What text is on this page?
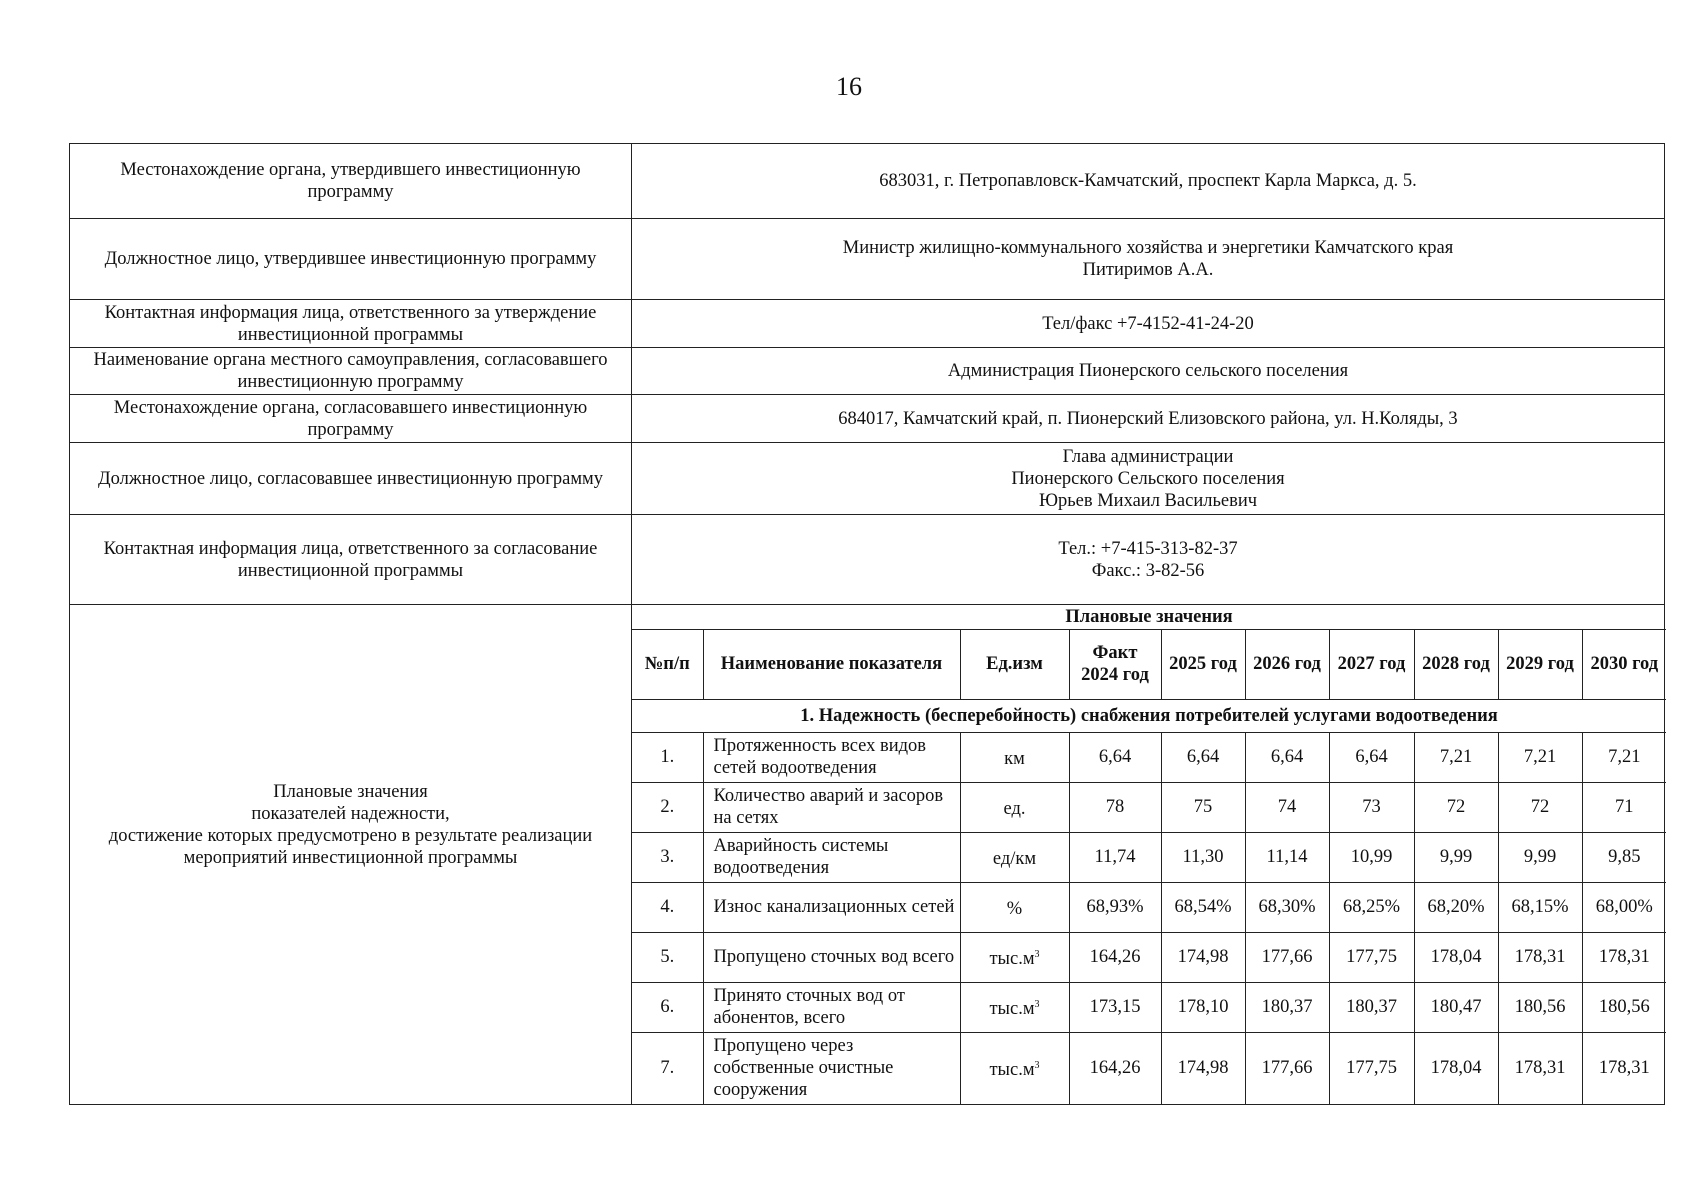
16
Местонахождение органа, утвердившего инвестиционную программу	
683031, г. Петропавловск-Камчатский, проспект Карла Маркса, д. 5.

Должностное лицо, утвердившее инвестиционную программу	
Министр жилищно-коммунального хозяйства и энергетики Камчатского края
Питиримов А.А.

Контактная информация лица, ответственного за утверждение инвестиционной программы	
Тел/факс +7-4152-41-24-20

Наименование органа местного самоуправления, согласовавшего инвестиционную программу	
Администрация Пионерского сельского поселения

Местонахождение органа, согласовавшего инвестиционную программу	
684017, Камчатский край, п. Пионерский Елизовского района, ул. Н.Коляды, 3

Должностное лицо, согласовавшее инвестиционную программу	
Глава администрации
Пионерского Сельского поселения
Юрьев Михаил Васильевич

Контактная информация лица, ответственного за согласование инвестиционной программы	
Тел.: +7-415-313-82-37
Факс.: 3-82-56

Плановые значения
показателей надежности,
достижение которых предусмотрено в результате реализации
мероприятий инвестиционной программы

Плановые значения
№п/п	Наименование показателя	Ед.изм	Факт 2024 год	2025 год	2026 год	2027 год	2028 год	2029 год	2030 год
1. Надежность (бесперебойность) снабжения потребителей услугами водоотведения
1.	Протяженность всех видов сетей водоотведения	км	6,64	6,64	6,64	6,64	7,21	7,21	7,21
2.	Количество аварий и засоров на сетях	ед.	78	75	74	73	72	72	71
3.	Аварийность системы водоотведения	ед/км	11,74	11,30	11,14	10,99	9,99	9,99	9,85
4.	Износ канализационных сетей	%	68,93%	68,54%	68,30%	68,25%	68,20%	68,15%	68,00%
5.	Пропущено сточных вод всего	$тыс.м^3$	164,26	174,98	177,66	177,75	178,04	178,31	178,31
6.	Принято сточных вод от абонентов, всего	$тыс.м^3$	173,15	178,10	180,37	180,37	180,47	180,56	180,56
7.	Пропущено через собственные очистные сооружения	$тыс.м^3$	164,26	174,98	177,66	177,75	178,04	178,31	178,31
